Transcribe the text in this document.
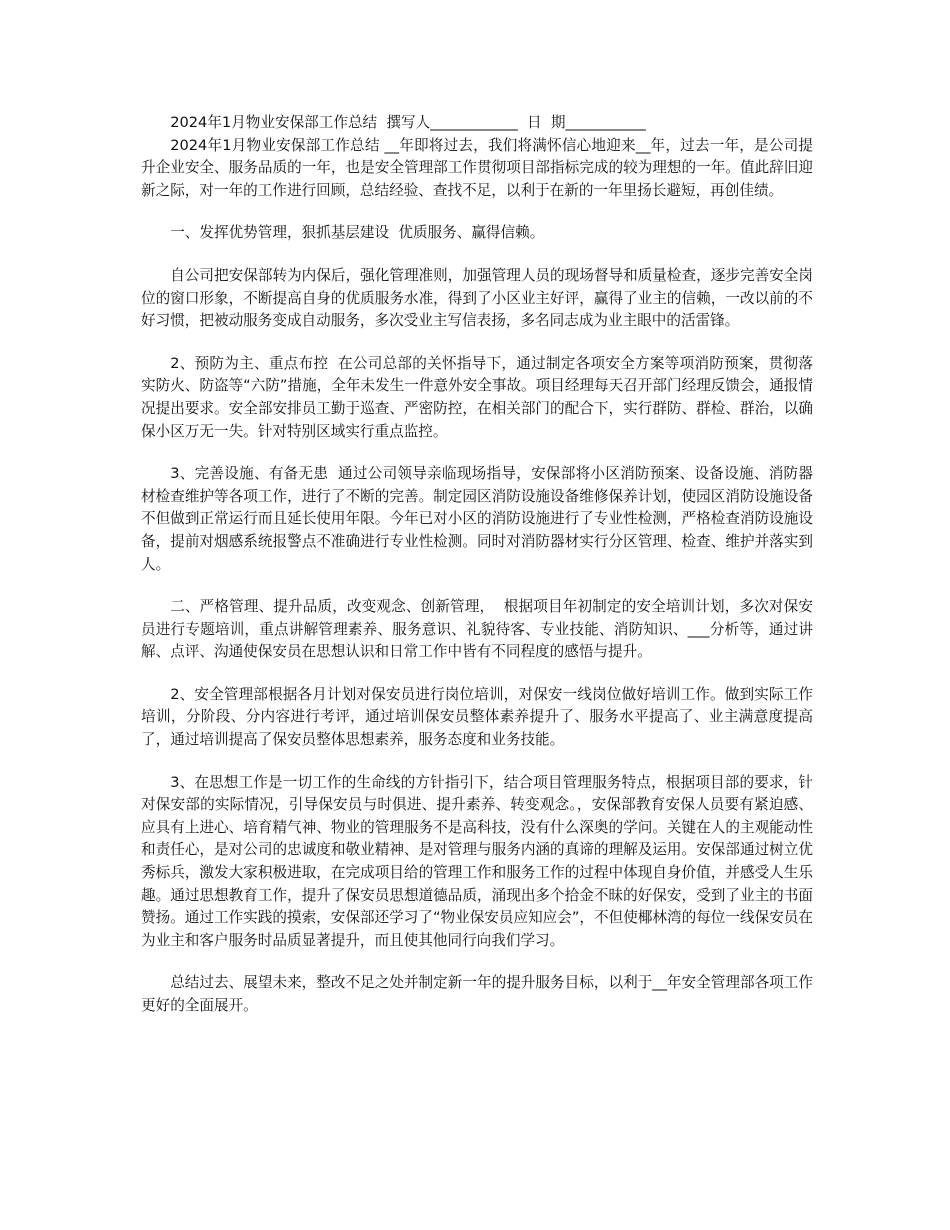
2024年1月物业安保部工作总结  撰写人____________  日  期___________

2024年1月物业安保部工作总结 __年即将过去，我们将满怀信心地迎来__年，过去一年，是公司提升企业安全、服务品质的一年，也是安全管理部工作贯彻项目部指标完成的较为理想的一年。值此辞旧迎新之际，对一年的工作进行回顾，总结经验、查找不足，以利于在新的一年里扬长避短，再创佳绩。

一、发挥优势管理，狠抓基层建设  优质服务、赢得信赖。

自公司把安保部转为内保后，强化管理准则，加强管理人员的现场督导和质量检查，逐步完善安全岗位的窗口形象，不断提高自身的优质服务水准，得到了小区业主好评，赢得了业主的信赖，一改以前的不好习惯，把被动服务变成自动服务，多次受业主写信表扬，多名同志成为业主眼中的活雷锋。

2、预防为主、重点布控  在公司总部的关怀指导下，通过制定各项安全方案等项消防预案，贯彻落实防火、防盗等“六防”措施，全年未发生一件意外安全事故。项目经理每天召开部门经理反馈会，通报情况提出要求。安全部安排员工勤于巡查、严密防控，在相关部门的配合下，实行群防、群检、群治，以确保小区万无一失。针对特别区域实行重点监控。

3、完善设施、有备无患  通过公司领导亲临现场指导，安保部将小区消防预案、设备设施、消防器材检查维护等各项工作，进行了不断的完善。制定园区消防设施设备维修保养计划，使园区消防设施设备不但做到正常运行而且延长使用年限。今年已对小区的消防设施进行了专业性检测，严格检查消防设施设备，提前对烟感系统报警点不准确进行专业性检测。同时对消防器材实行分区管理、检查、维护并落实到人。

二、严格管理、提升品质，改变观念、创新管理，  根据项目年初制定的安全培训计划，多次对保安员进行专题培训，重点讲解管理素养、服务意识、礼貌待客、专业技能、消防知识、___分析等，通过讲解、点评、沟通使保安员在思想认识和日常工作中皆有不同程度的感悟与提升。

2、安全管理部根据各月计划对保安员进行岗位培训，对保安一线岗位做好培训工作。做到实际工作培训，分阶段、分内容进行考评，通过培训保安员整体素养提升了、服务水平提高了、业主满意度提高了，通过培训提高了保安员整体思想素养，服务态度和业务技能。

3、在思想工作是一切工作的生命线的方针指引下，结合项目管理服务特点，根据项目部的要求，针对保安部的实际情况，引导保安员与时俱进、提升素养、转变观念。，安保部教育安保人员要有紧迫感、应具有上进心、培育精气神、物业的管理服务不是高科技，没有什么深奥的学问。关键在人的主观能动性和责任心，是对公司的忠诚度和敬业精神、是对管理与服务内涵的真谛的理解及运用。安保部通过树立优秀标兵，激发大家积极进取，在完成项目给的管理工作和服务工作的过程中体现自身价值，并感受人生乐趣。通过思想教育工作，提升了保安员思想道德品质，涌现出多个拾金不昧的好保安，受到了业主的书面赞扬。通过工作实践的摸索，安保部还学习了“物业保安员应知应会”，不但使椰林湾的每位一线保安员在为业主和客户服务时品质显著提升，而且使其他同行向我们学习。

总结过去、展望未来，整改不足之处并制定新一年的提升服务目标，以利于__年安全管理部各项工作更好的全面展开。
